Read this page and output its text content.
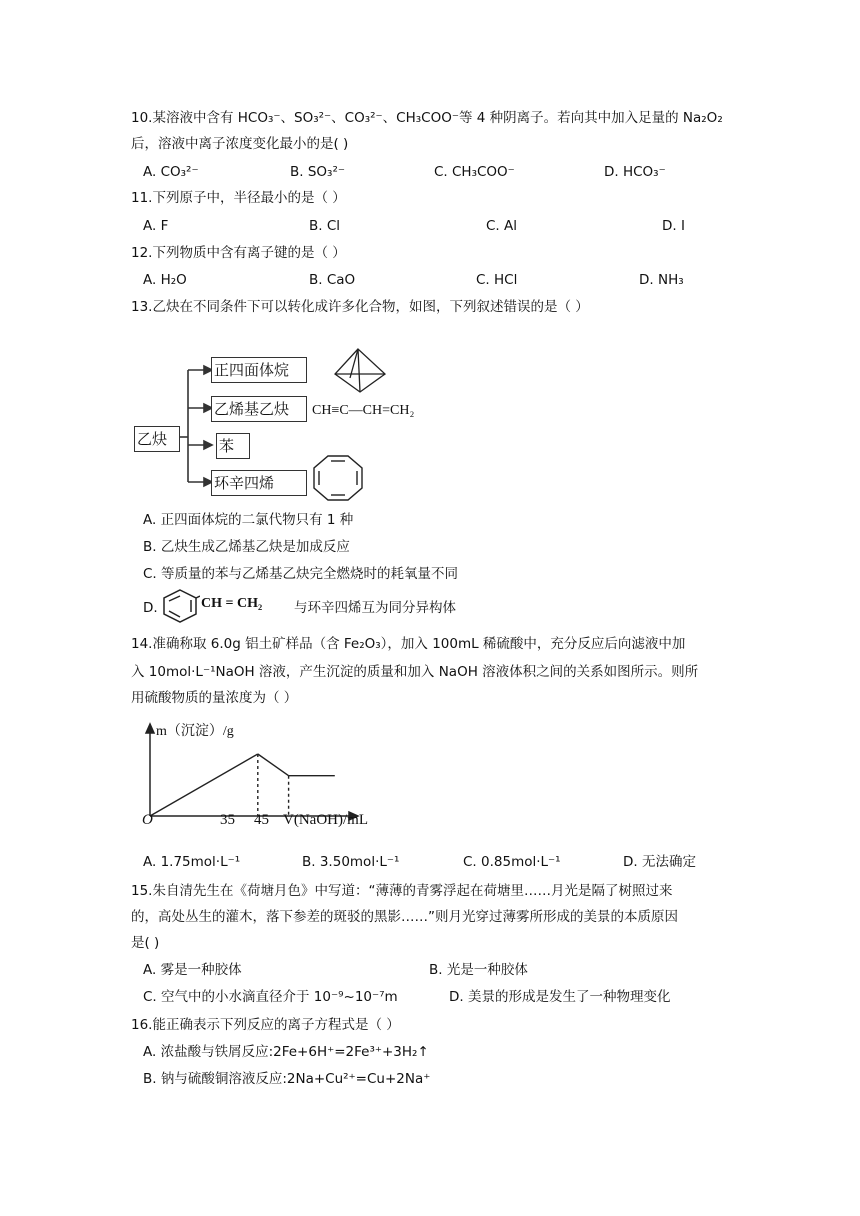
10.某溶液中含有 HCO₃⁻、SO₃²⁻、CO₃²⁻、CH₃COO⁻等 4 种阴离子。若向其中加入足量的 Na₂O₂
后，溶液中离子浓度变化最小的是( )
A. CO₃²⁻	B. SO₃²⁻	C. CH₃COO⁻	D. HCO₃⁻
11.下列原子中，半径最小的是（ ）
A. F	B. Cl	C. Al	D. I
12.下列物质中含有离子键的是（ ）
A. H₂O	B. CaO	C. HCl	D. NH₃
13.乙炔在不同条件下可以转化成许多化合物，如图，下列叙述错误的是（ ）
乙炔
正四面体烷
乙烯基乙炔
苯
环辛四烯
CH≡C—CH=CH₂
A. 正四面体烷的二氯代物只有 1 种
B. 乙炔生成乙烯基乙炔是加成反应
C. 等质量的苯与乙烯基乙炔完全燃烧时的耗氧量不同
D.	CH = CH₂ 与环辛四烯互为同分异构体
14.准确称取 6.0g 铝土矿样品（含 Fe₂O₃），加入 100mL 稀硫酸中，充分反应后向滤液中加
入 10mol·L⁻¹NaOH 溶液，产生沉淀的质量和加入 NaOH 溶液体积之间的关系如图所示。则所
用硫酸物质的量浓度为（ ）
m（沉淀）/g
O	35 45 V(NaOH)/mL
A. 1.75mol·L⁻¹	B. 3.50mol·L⁻¹	C. 0.85mol·L⁻¹	D. 无法确定
15.朱自清先生在《荷塘月色》中写道：“薄薄的青雾浮起在荷塘里……月光是隔了树照过来
的，高处丛生的灌木，落下参差的斑驳的黑影……”则月光穿过薄雾所形成的美景的本质原因
是( )
A. 雾是一种胶体	B. 光是一种胶体
C. 空气中的小水滴直径介于 10⁻⁹~10⁻⁷m	D. 美景的形成是发生了一种物理变化
16.能正确表示下列反应的离子方程式是（ ）
A. 浓盐酸与铁屑反应:2Fe+6H⁺=2Fe³⁺+3H₂↑
B. 钠与硫酸铜溶液反应:2Na+Cu²⁺=Cu+2Na⁺
